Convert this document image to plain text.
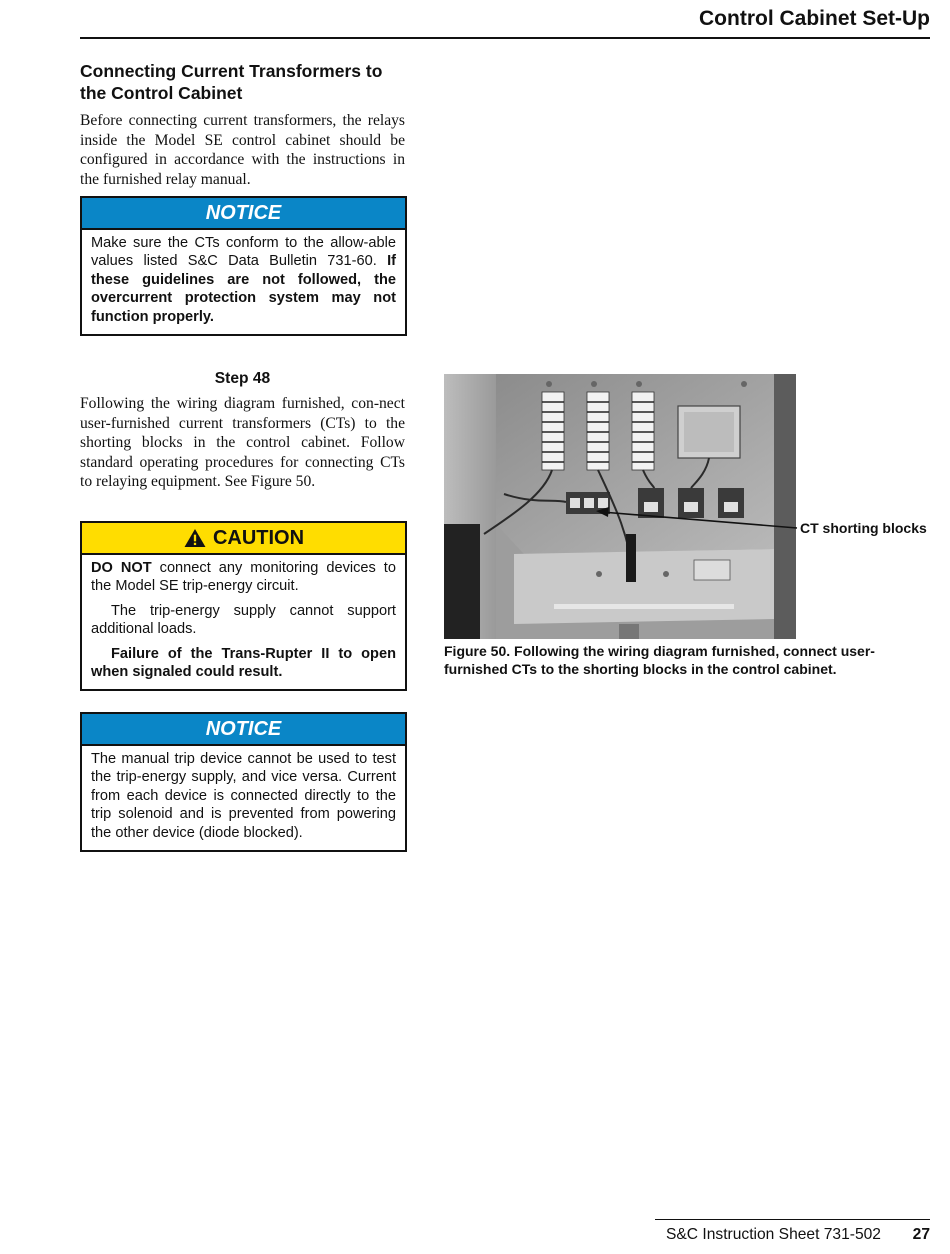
Control Cabinet Set-Up
Connecting Current Transformers to the Control Cabinet
Before connecting current transformers, the relays inside the Model SE control cabinet should be configured in accordance with the instructions in the furnished relay manual.
NOTICE

Make sure the CTs conform to the allow-able values listed S&C Data Bulletin 731-60. If these guidelines are not followed, the overcurrent protection system may not function properly.

Step 48
Following the wiring diagram furnished, con-nect user-furnished current transformers (CTs) to the shorting blocks in the control cabinet. Follow standard operating procedures for connecting CTs to relaying equipment. See Figure 50.
CAUTION

DO NOT connect any monitoring devices to the Model SE trip-energy circuit.

The trip-energy supply cannot support additional loads.

Failure of the Trans-Rupter II to open when signaled could result.

NOTICE

The manual trip device cannot be used to test the trip-energy supply, and vice versa. Current from each device is connected directly to the trip solenoid and is prevented from powering the other device (diode blocked).

CT shorting blocks
Figure 50. Following the wiring diagram furnished, connect user-furnished CTs to the shorting blocks in the control cabinet.
S&C Instruction Sheet 731-502 27
